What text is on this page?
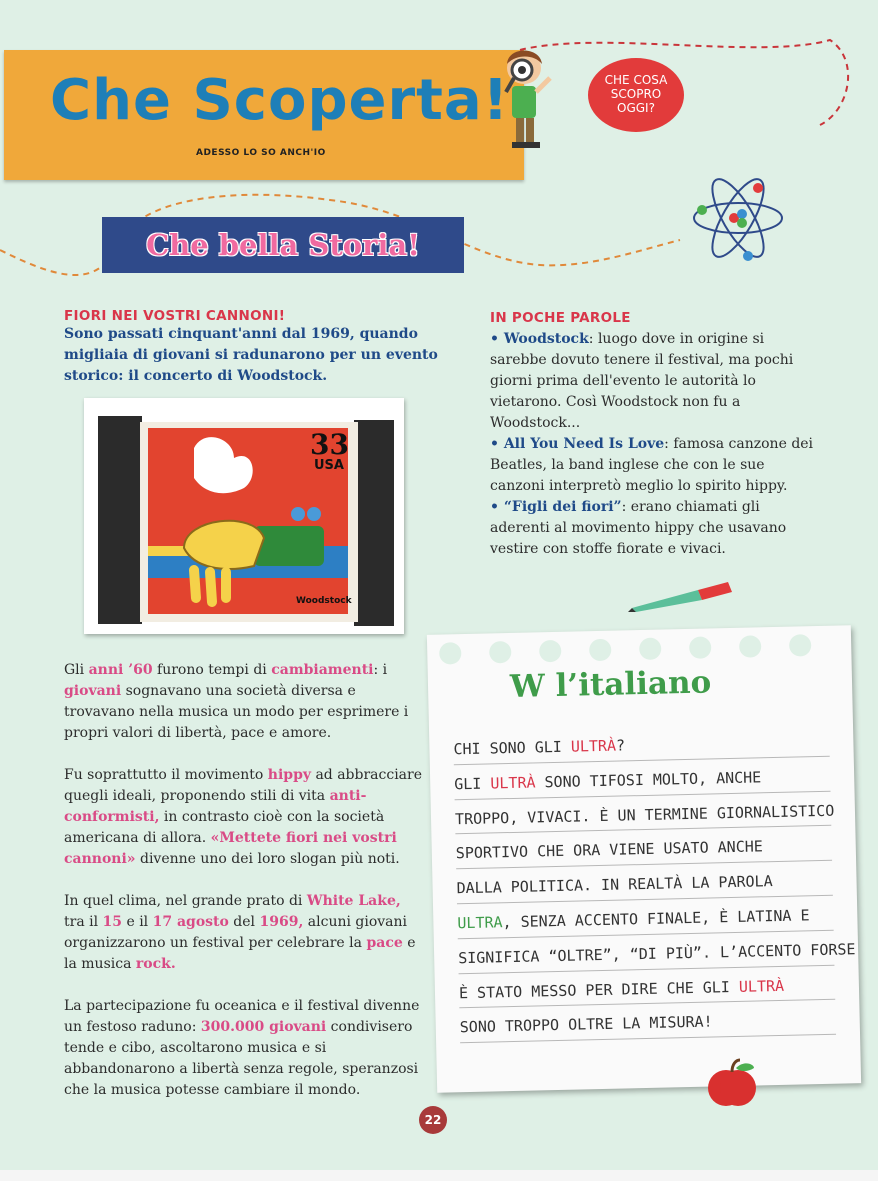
Che Scoperta!
ADESSO LO SO ANCH'IO
CHE COSA SCOPRO OGGI?
Che bella Storia!
FIORI NEI VOSTRI CANNONI!
Sono passati cinquant'anni dal 1969, quando migliaia di giovani si radunarono per un evento storico: il concerto di Woodstock.
33
USA
Woodstock
IN POCHE PAROLE

• Woodstock: luogo dove in origine si sarebbe dovuto tenere il festival, ma pochi giorni prima dell'evento le autorità lo vietarono. Così Woodstock non fu a Woodstock...

• All You Need Is Love: famosa canzone dei Beatles, la band inglese che con le sue canzoni interpretò meglio lo spirito hippy.

• “Figli dei fiori”: erano chiamati gli aderenti al movimento hippy che usavano vestire con stoffe fiorate e vivaci.

Gli anni ’60 furono tempi di cambiamenti: i giovani sognavano una società diversa e trovavano nella musica un modo per esprimere i propri valori di libertà, pace e amore.

Fu soprattutto il movimento hippy ad abbracciare quegli ideali, proponendo stili di vita anti-conformisti, in contrasto cioè con la società americana di allora. «Mettete fiori nei vostri cannoni» divenne uno dei loro slogan più noti.

In quel clima, nel grande prato di White Lake, tra il 15 e il 17 agosto del 1969, alcuni giovani organizzarono un festival per celebrare la pace e la musica rock.

La partecipazione fu oceanica e il festival divenne un festoso raduno: 300.000 giovani condivisero tende e cibo, ascoltarono musica e si abbandonarono a libertà senza regole, speranzosi che la musica potesse cambiare il mondo.

W l’italiano
CHI SONO GLI ULTRÀ?
GLI ULTRÀ SONO TIFOSI MOLTO, ANCHE
TROPPO, VIVACI. È UN TERMINE GIORNALISTICO
SPORTIVO CHE ORA VIENE USATO ANCHE
DALLA POLITICA. IN REALTÀ LA PAROLA
ULTRA, SENZA ACCENTO FINALE, È LATINA E
SIGNIFICA “OLTRE”, “DI PIÙ”. L’ACCENTO FORSE
È STATO MESSO PER DIRE CHE GLI ULTRÀ
SONO TROPPO OLTRE LA MISURA!
22
